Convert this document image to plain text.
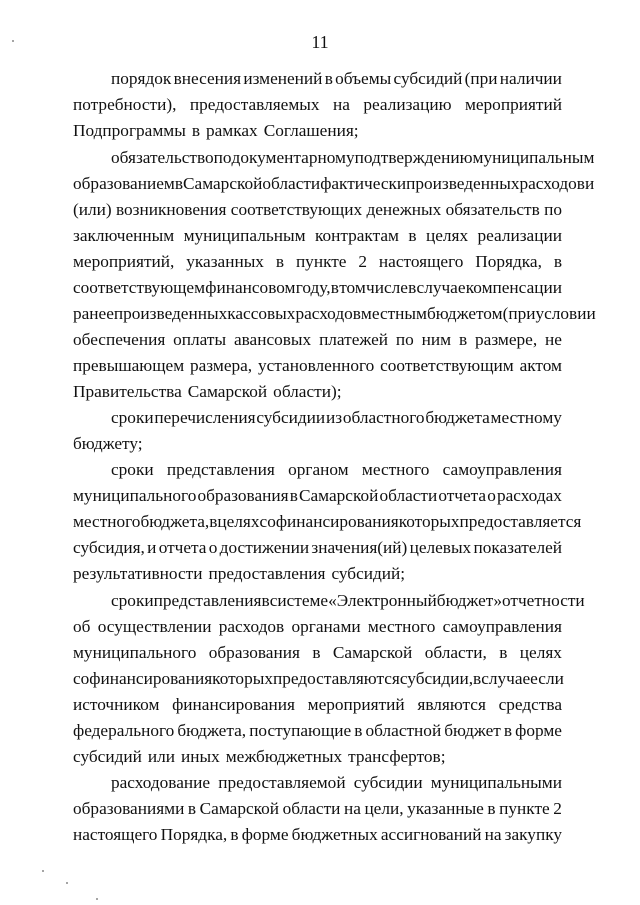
11
порядок внесения изменений в объемы субсидий (при наличии
потребности), предоставляемых на реализацию мероприятий
Подпрограммы в рамках Соглашения;
обязательство по документарному подтверждению муниципальным
образованием в Самарской области фактически произведенных расходов и
(или) возникновения соответствующих денежных обязательств по
заключенным муниципальным контрактам в целях реализации
мероприятий, указанных в пункте 2 настоящего Порядка, в
соответствующем финансовом году, в том числе в случае компенсации
ранее произведенных кассовых расходов местным бюджетом (при условии
обеспечения оплаты авансовых платежей по ним в размере, не
превышающем размера, установленного соответствующим актом
Правительства Самарской области);
сроки перечисления субсидии из областного бюджета местному
бюджету;
сроки представления органом местного самоуправления
муниципального образования в Самарской области отчета о расходах
местного бюджета, в целях софинансирования которых предоставляется
субсидия, и отчета о достижении значения(ий) целевых показателей
результативности предоставления субсидий;
сроки представления в системе «Электронный бюджет» отчетности
об осуществлении расходов органами местного самоуправления
муниципального образования в Самарской области, в целях
софинансирования которых предоставляются субсидии, в случае если
источником финансирования мероприятий являются средства
федерального бюджета, поступающие в областной бюджет в форме
субсидий или иных межбюджетных трансфертов;
расходование предоставляемой субсидии муниципальными
образованиями в Самарской области на цели, указанные в пункте 2
настоящего Порядка, в форме бюджетных ассигнований на закупку
